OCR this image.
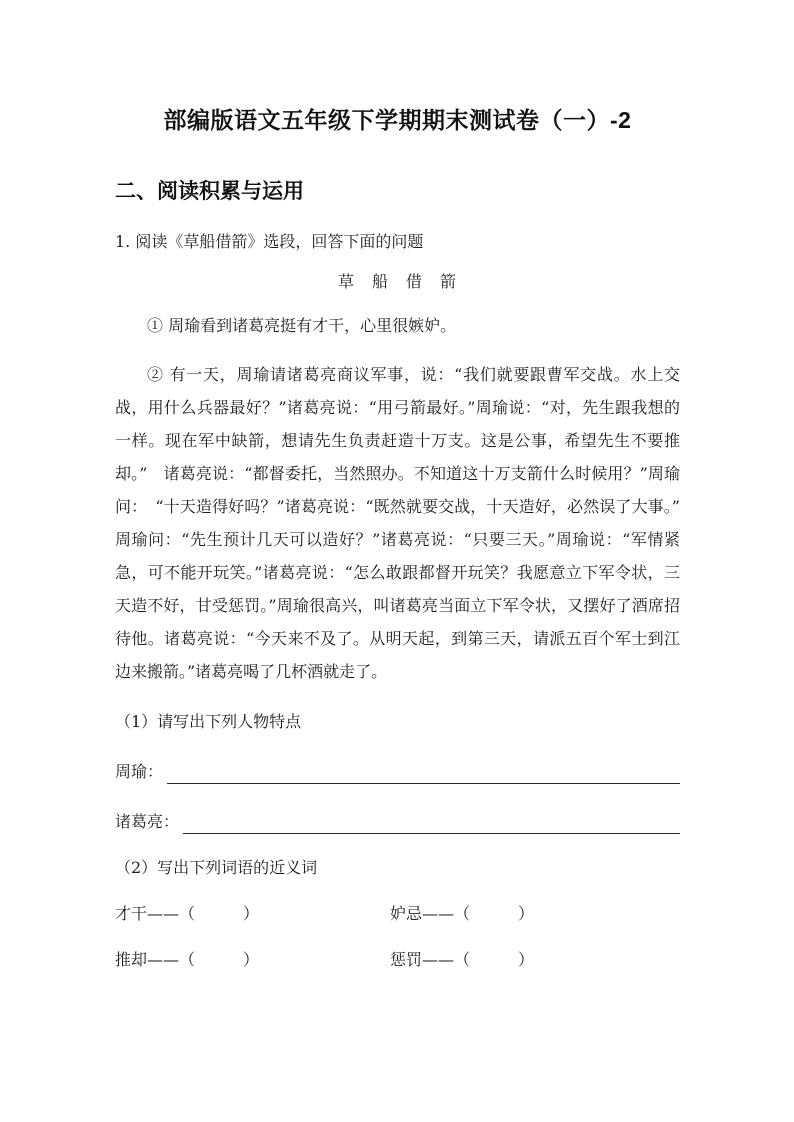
部编版语文五年级下学期期末测试卷（一）-2
二、阅读积累与运用
1. 阅读《草船借箭》选段，回答下面的问题
草　船　借　箭
① 周瑜看到诸葛亮挺有才干，心里很嫉妒。
② 有一天，周瑜请诸葛亮商议军事，说：“我们就要跟曹军交战。水上交战，用什么兵器最好？”诸葛亮说：“用弓箭最好。”周瑜说：“对，先生跟我想的一样。现在军中缺箭，想请先生负责赶造十万支。这是公事，希望先生不要推却。”　诸葛亮说：“都督委托，当然照办。不知道这十万支箭什么时候用？”周瑜问：　“十天造得好吗？”诸葛亮说：“既然就要交战，十天造好，必然误了大事。”　周瑜问：“先生预计几天可以造好？”诸葛亮说：“只要三天。”周瑜说：“军情紧急，可不能开玩笑。”诸葛亮说：“怎么敢跟都督开玩笑？我愿意立下军令状，三天造不好，甘受惩罚。”周瑜很高兴，叫诸葛亮当面立下军令状，又摆好了酒席招待他。诸葛亮说：“今天来不及了。从明天起，到第三天，请派五百个军士到江边来搬箭。”诸葛亮喝了几杯酒就走了。
（1）请写出下列人物特点
周瑜：
诸葛亮：
（2）写出下列词语的近义词
才干——（　　　）	妒忌——（　　　）
推却——（　　　）	惩罚——（　　　）
